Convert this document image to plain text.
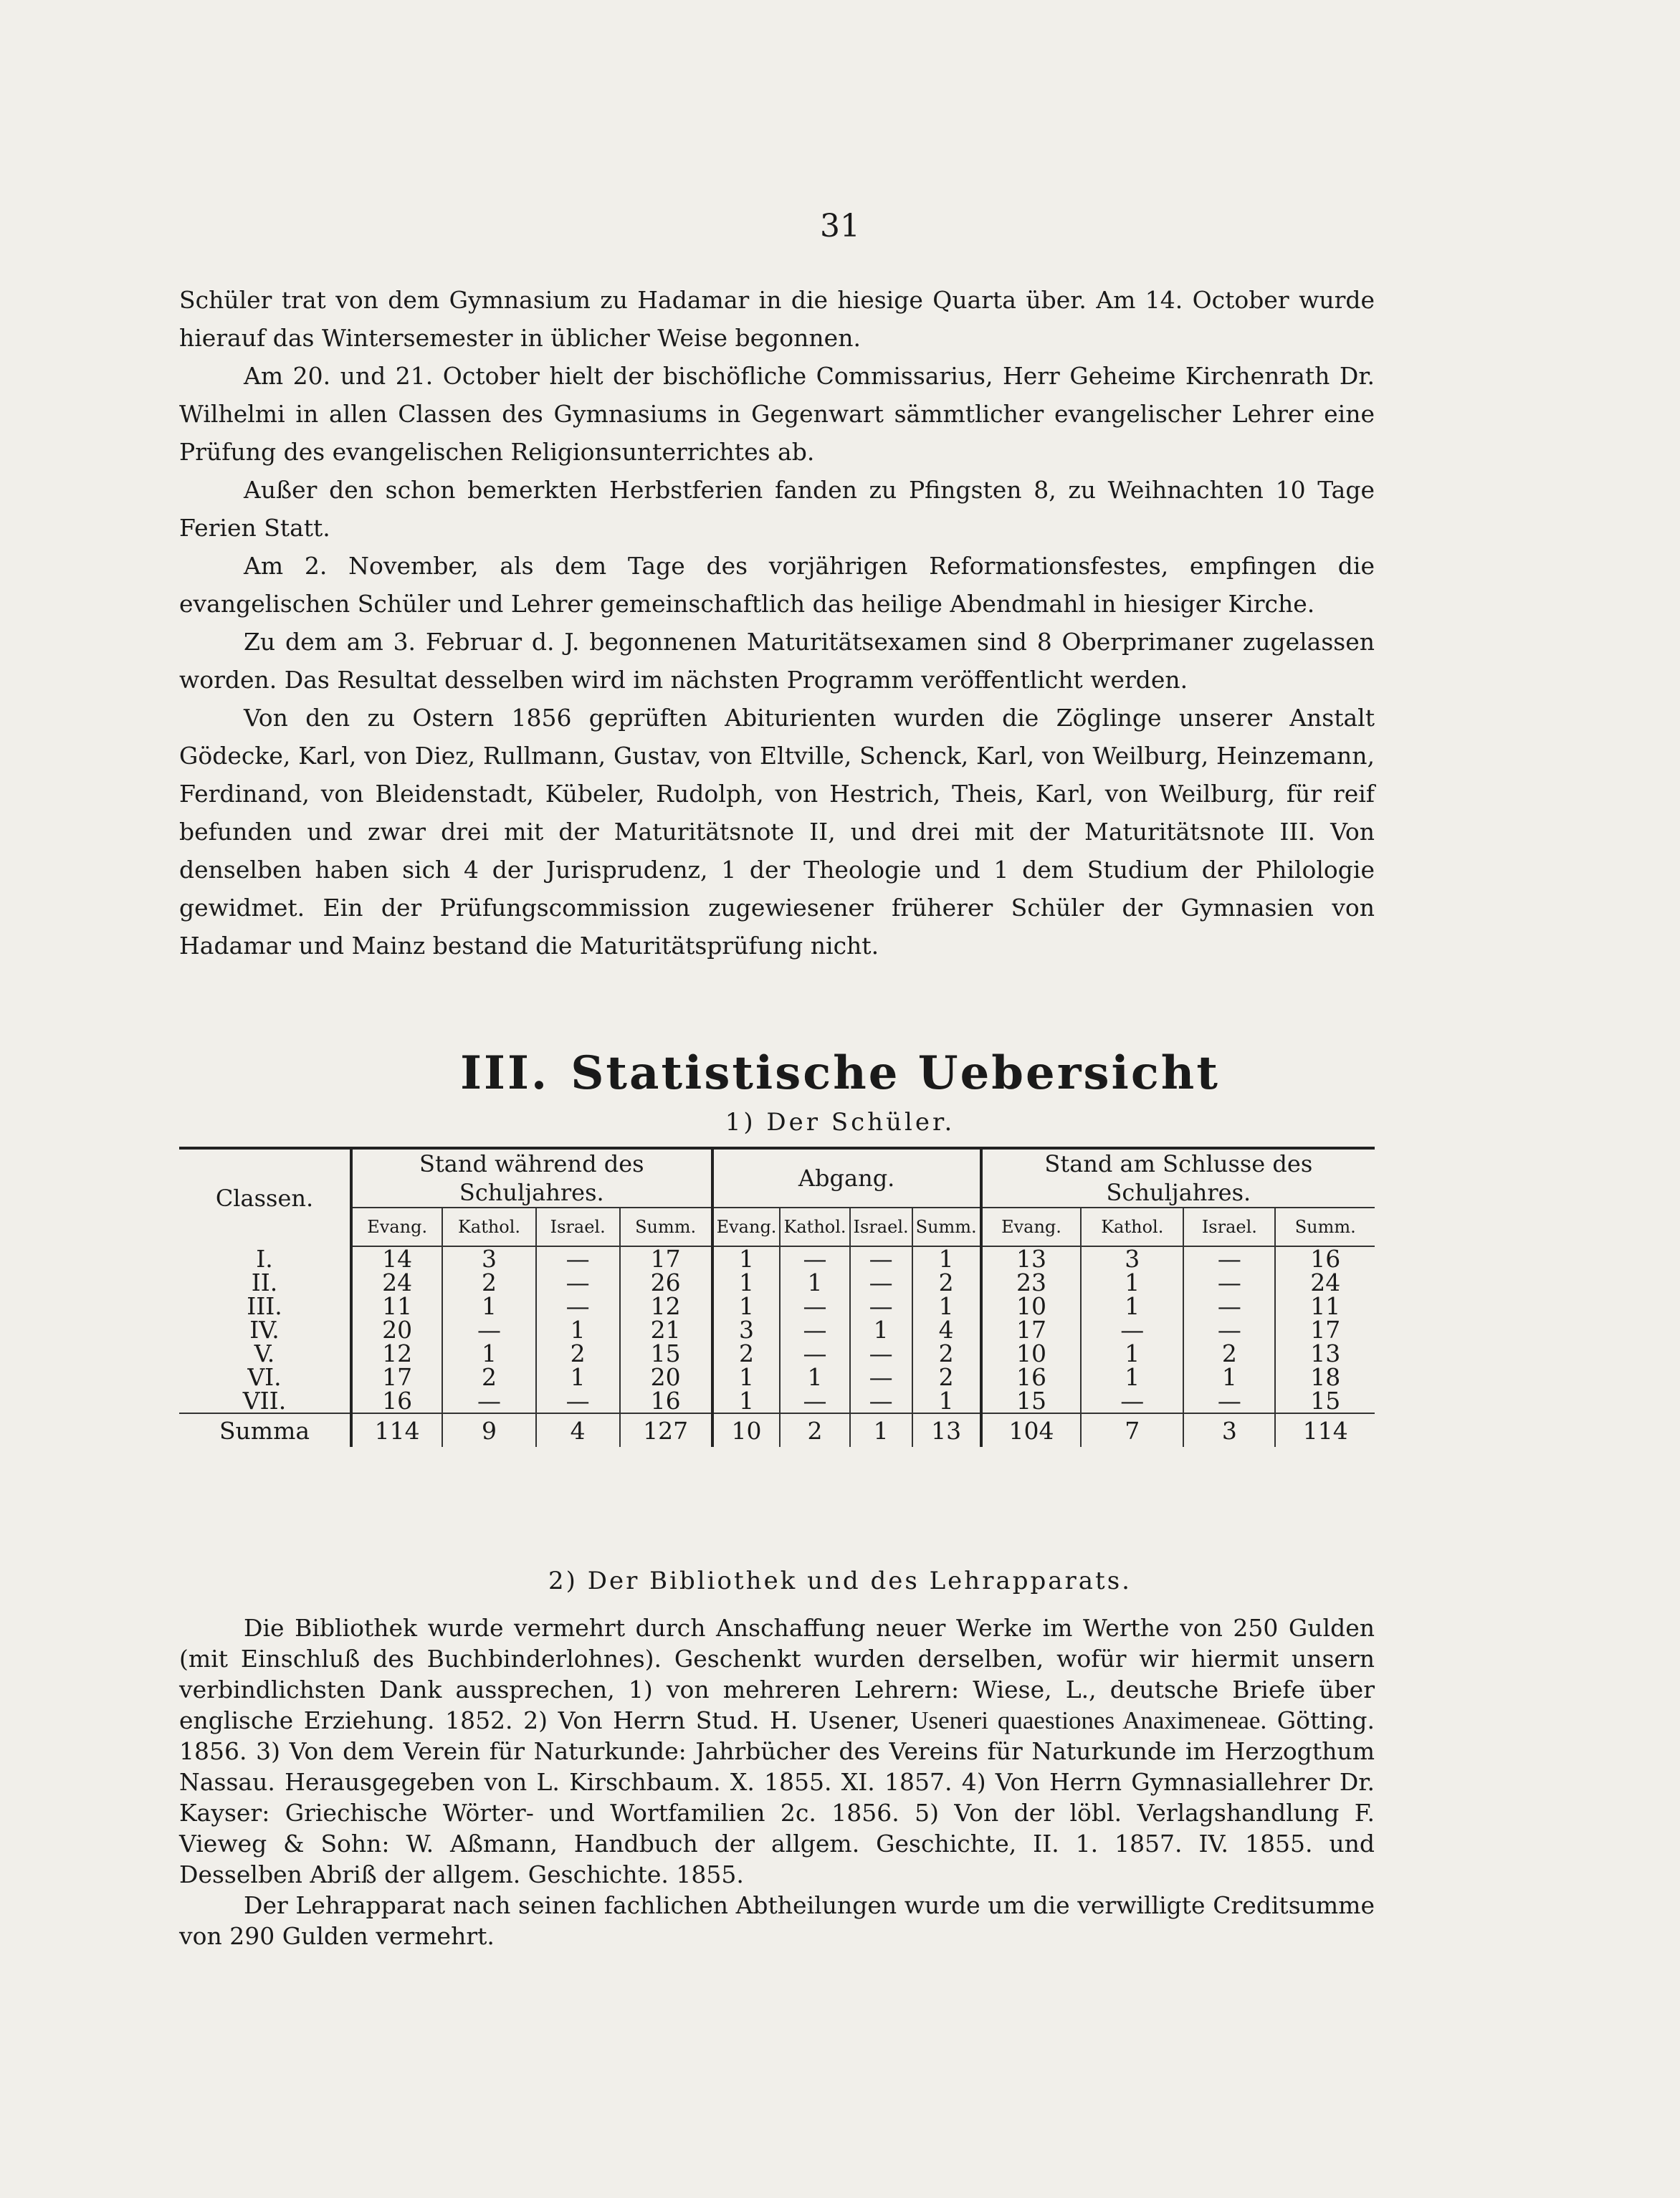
31

Schüler trat von dem Gymnasium zu Hadamar in die hiesige Quarta über. Am 14. October wurde hierauf das Wintersemester in üblicher Weise begonnen.

Am 20. und 21. October hielt der bischöfliche Commissarius, Herr Geheime Kirchenrath Dr. Wilhelmi in allen Classen des Gymnasiums in Gegenwart sämmtlicher evangelischer Lehrer eine Prüfung des evangelischen Religionsunterrichtes ab.

Außer den schon bemerkten Herbstferien fanden zu Pfingsten 8, zu Weihnachten 10 Tage Ferien Statt.

Am 2. November, als dem Tage des vorjährigen Reformationsfestes, empfingen die evangelischen Schüler und Lehrer gemeinschaftlich das heilige Abendmahl in hiesiger Kirche.

Zu dem am 3. Februar d. J. begonnenen Maturitätsexamen sind 8 Oberprimaner zugelassen worden. Das Resultat desselben wird im nächsten Programm veröffentlicht werden.

Von den zu Ostern 1856 geprüften Abiturienten wurden die Zöglinge unserer Anstalt Gödecke, Karl, von Diez, Rullmann, Gustav, von Eltville, Schenck, Karl, von Weilburg, Heinzemann, Ferdinand, von Bleidenstadt, Kübeler, Rudolph, von Hestrich, Theis, Karl, von Weilburg, für reif befunden und zwar drei mit der Maturitätsnote II, und drei mit der Maturitätsnote III. Von denselben haben sich 4 der Jurisprudenz, 1 der Theologie und 1 dem Studium der Philologie gewidmet. Ein der Prüfungscommission zugewiesener früherer Schüler der Gymnasien von Hadamar und Mainz bestand die Maturitätsprüfung nicht.

III. Statistische Uebersicht
1) Der Schüler.
Classen.	Stand während des Schuljahres.				Abgang.				Stand am Schlusse des Schuljahres.			
	Evang.	Kathol.	Israel.	Summ.	Evang.	Kathol.	Israel.	Summ.	Evang.	Kathol.	Israel.	Summ.
I.	14	3	—	17	1	—	—	1	13	3	—	16
II.	24	2	—	26	1	1	—	2	23	1	—	24
III.	11	1	—	12	1	—	—	1	10	1	—	11
IV.	20	—	1	21	3	—	1	4	17	—	—	17
V.	12	1	2	15	2	—	—	2	10	1	2	13
VI.	17	2	1	20	1	1	—	2	16	1	1	18
VII.	16	—	—	16	1	—	—	1	15	—	—	15
Summa	114	9	4	127	10	2	1	13	104	7	3	114
2) Der Bibliothek und des Lehrapparats.

Die Bibliothek wurde vermehrt durch Anschaffung neuer Werke im Werthe von 250 Gulden (mit Einschluß des Buchbinderlohnes). Geschenkt wurden derselben, wofür wir hiermit unsern verbindlichsten Dank aussprechen, 1) von mehreren Lehrern: Wiese, L., deutsche Briefe über englische Erziehung. 1852. 2) Von Herrn Stud. H. Usener, Useneri quaestiones Anaximeneae. Götting. 1856. 3) Von dem Verein für Naturkunde: Jahrbücher des Vereins für Naturkunde im Herzogthum Nassau. Herausgegeben von L. Kirschbaum. X. 1855. XI. 1857. 4) Von Herrn Gymnasiallehrer Dr. Kayser: Griechische Wörter- und Wortfamilien 2c. 1856. 5) Von der löbl. Verlagshandlung F. Vieweg & Sohn: W. Aßmann, Handbuch der allgem. Geschichte, II. 1. 1857. IV. 1855. und Desselben Abriß der allgem. Geschichte. 1855.

Der Lehrapparat nach seinen fachlichen Abtheilungen wurde um die verwilligte Creditsumme von 290 Gulden vermehrt.
